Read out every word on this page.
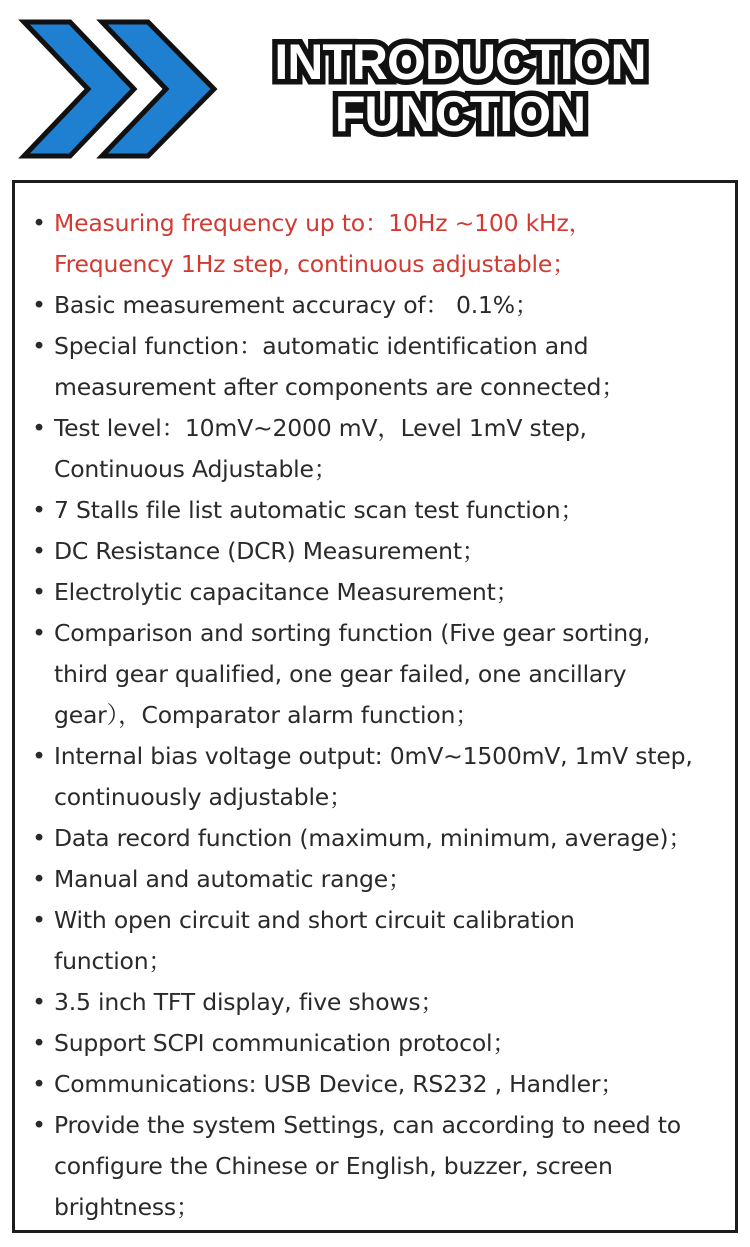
INTRODUCTION
FUNCTION
• Measuring frequency up to：10Hz ~100 kHz，
Frequency 1Hz step, continuous adjustable；
• Basic measurement accuracy of： 0.1%；
• Special function：automatic identification and
measurement after components are connected；
• Test level：10mV~2000 mV，Level 1mV step,
Continuous Adjustable；
• 7 Stalls file list automatic scan test function；
• DC Resistance (DCR) Measurement；
• Electrolytic capacitance Measurement；
• Comparison and sorting function (Five gear sorting,
third gear qualified, one gear failed, one ancillary
gear），Comparator alarm function；
• Internal bias voltage output: 0mV~1500mV, 1mV step,
continuously adjustable；
• Data record function (maximum, minimum, average)；
• Manual and automatic range；
• With open circuit and short circuit calibration
function；
• 3.5 inch TFT display, five shows；
• Support SCPI communication protocol；
• Communications: USB Device, RS232 , Handler；
• Provide the system Settings, can according to need to
configure the Chinese or English, buzzer, screen
brightness；
